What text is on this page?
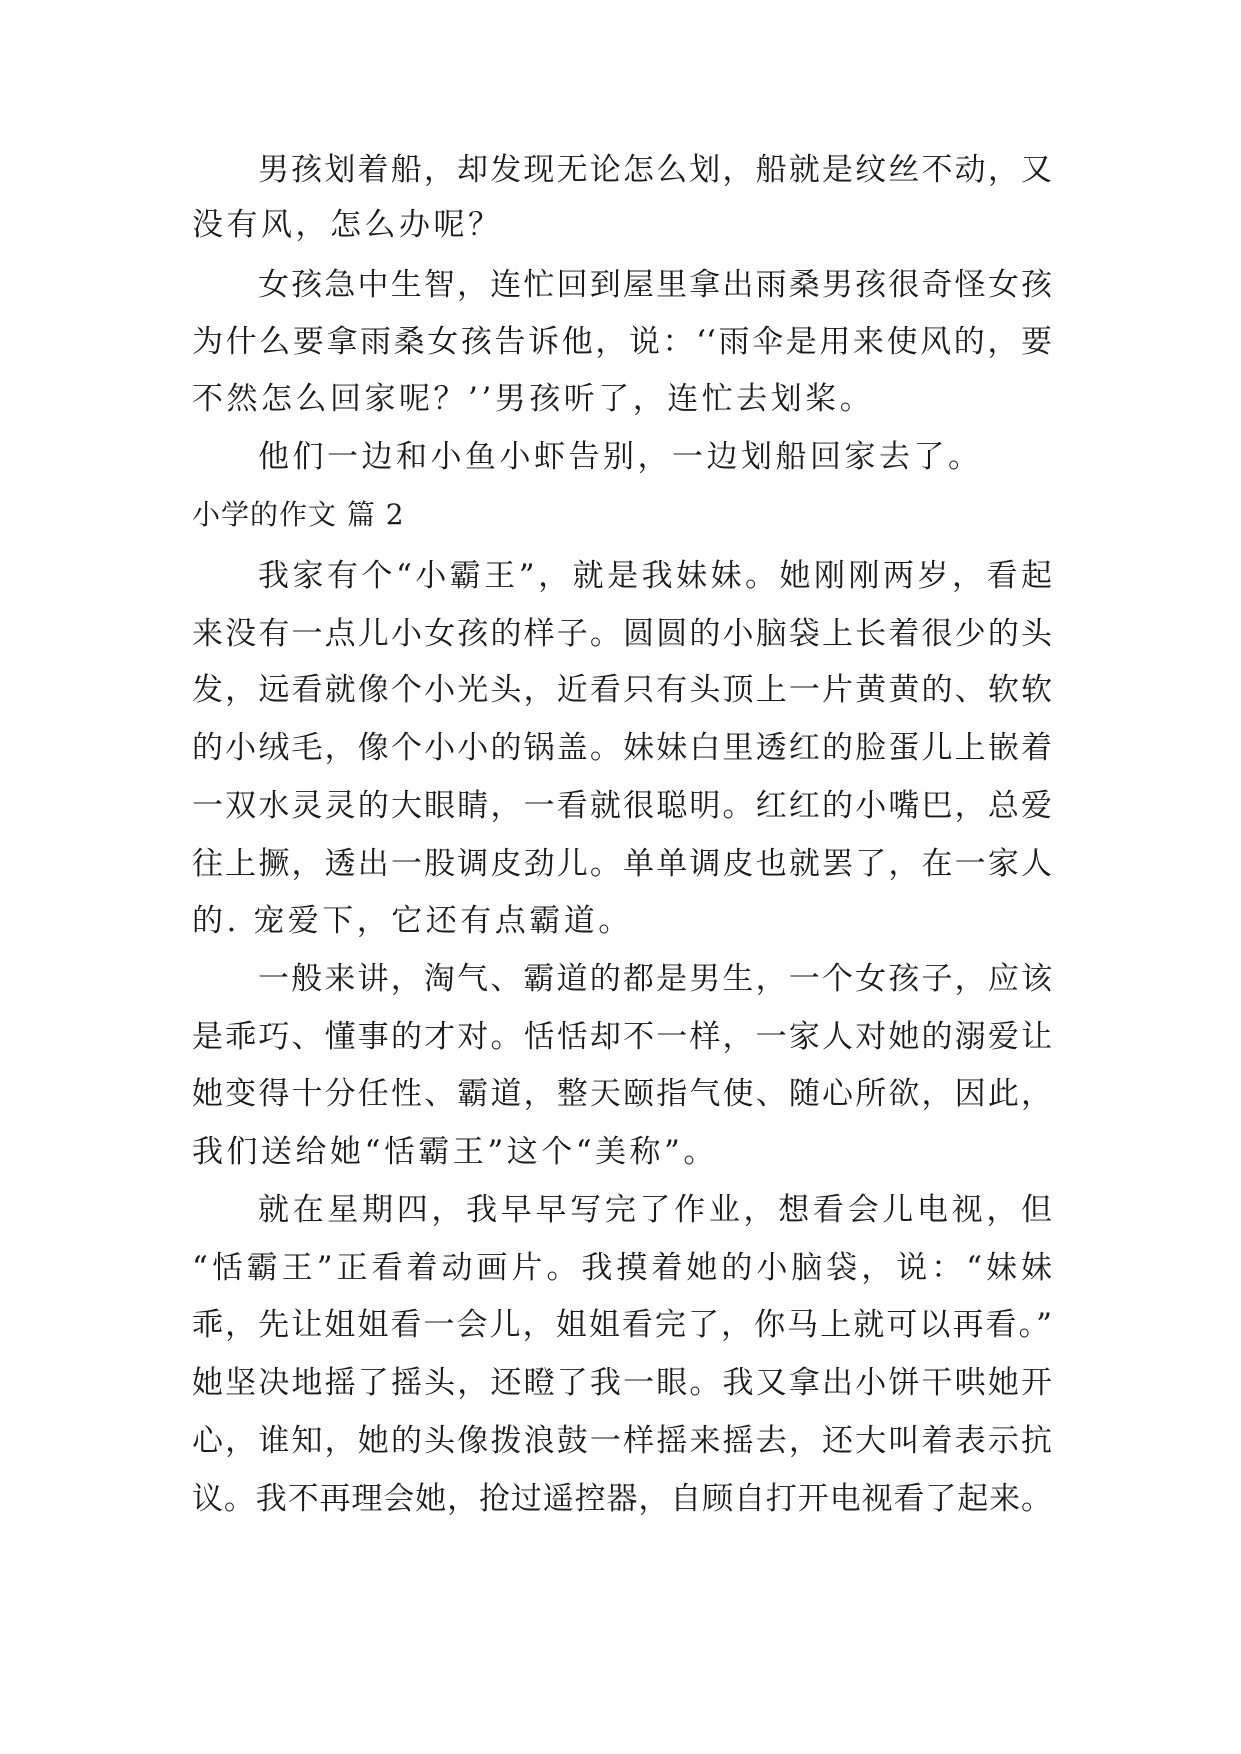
男孩划着船，却发现无论怎么划，船就是纹丝不动，又
没有风，怎么办呢？
女孩急中生智，连忙回到屋里拿出雨桑男孩很奇怪女孩
为什么要拿雨桑女孩告诉他，说：‘‘雨伞是用来使风的，要
不然怎么回家呢？’’男孩听了，连忙去划桨。
他们一边和小鱼小虾告别，一边划船回家去了。
小学的作文 篇 2
我家有个“小霸王”，就是我妹妹。她刚刚两岁，看起
来没有一点儿小女孩的样子。圆圆的小脑袋上长着很少的头
发，远看就像个小光头，近看只有头顶上一片黄黄的、软软
的小绒毛，像个小小的锅盖。妹妹白里透红的脸蛋儿上嵌着
一双水灵灵的大眼睛，一看就很聪明。红红的小嘴巴，总爱
往上撅，透出一股调皮劲儿。单单调皮也就罢了，在一家人
的. 宠爱下，它还有点霸道。
一般来讲，淘气、霸道的都是男生，一个女孩子，应该
是乖巧、懂事的才对。恬恬却不一样，一家人对她的溺爱让
她变得十分任性、霸道，整天颐指气使、随心所欲，因此，
我们送给她“恬霸王”这个“美称”。
就在星期四，我早早写完了作业，想看会儿电视，但
“恬霸王”正看着动画片。我摸着她的小脑袋，说：“妹妹
乖，先让姐姐看一会儿，姐姐看完了，你马上就可以再看。”
她坚决地摇了摇头，还瞪了我一眼。我又拿出小饼干哄她开
心，谁知，她的头像拨浪鼓一样摇来摇去，还大叫着表示抗
议。我不再理会她，抢过遥控器，自顾自打开电视看了起来。
